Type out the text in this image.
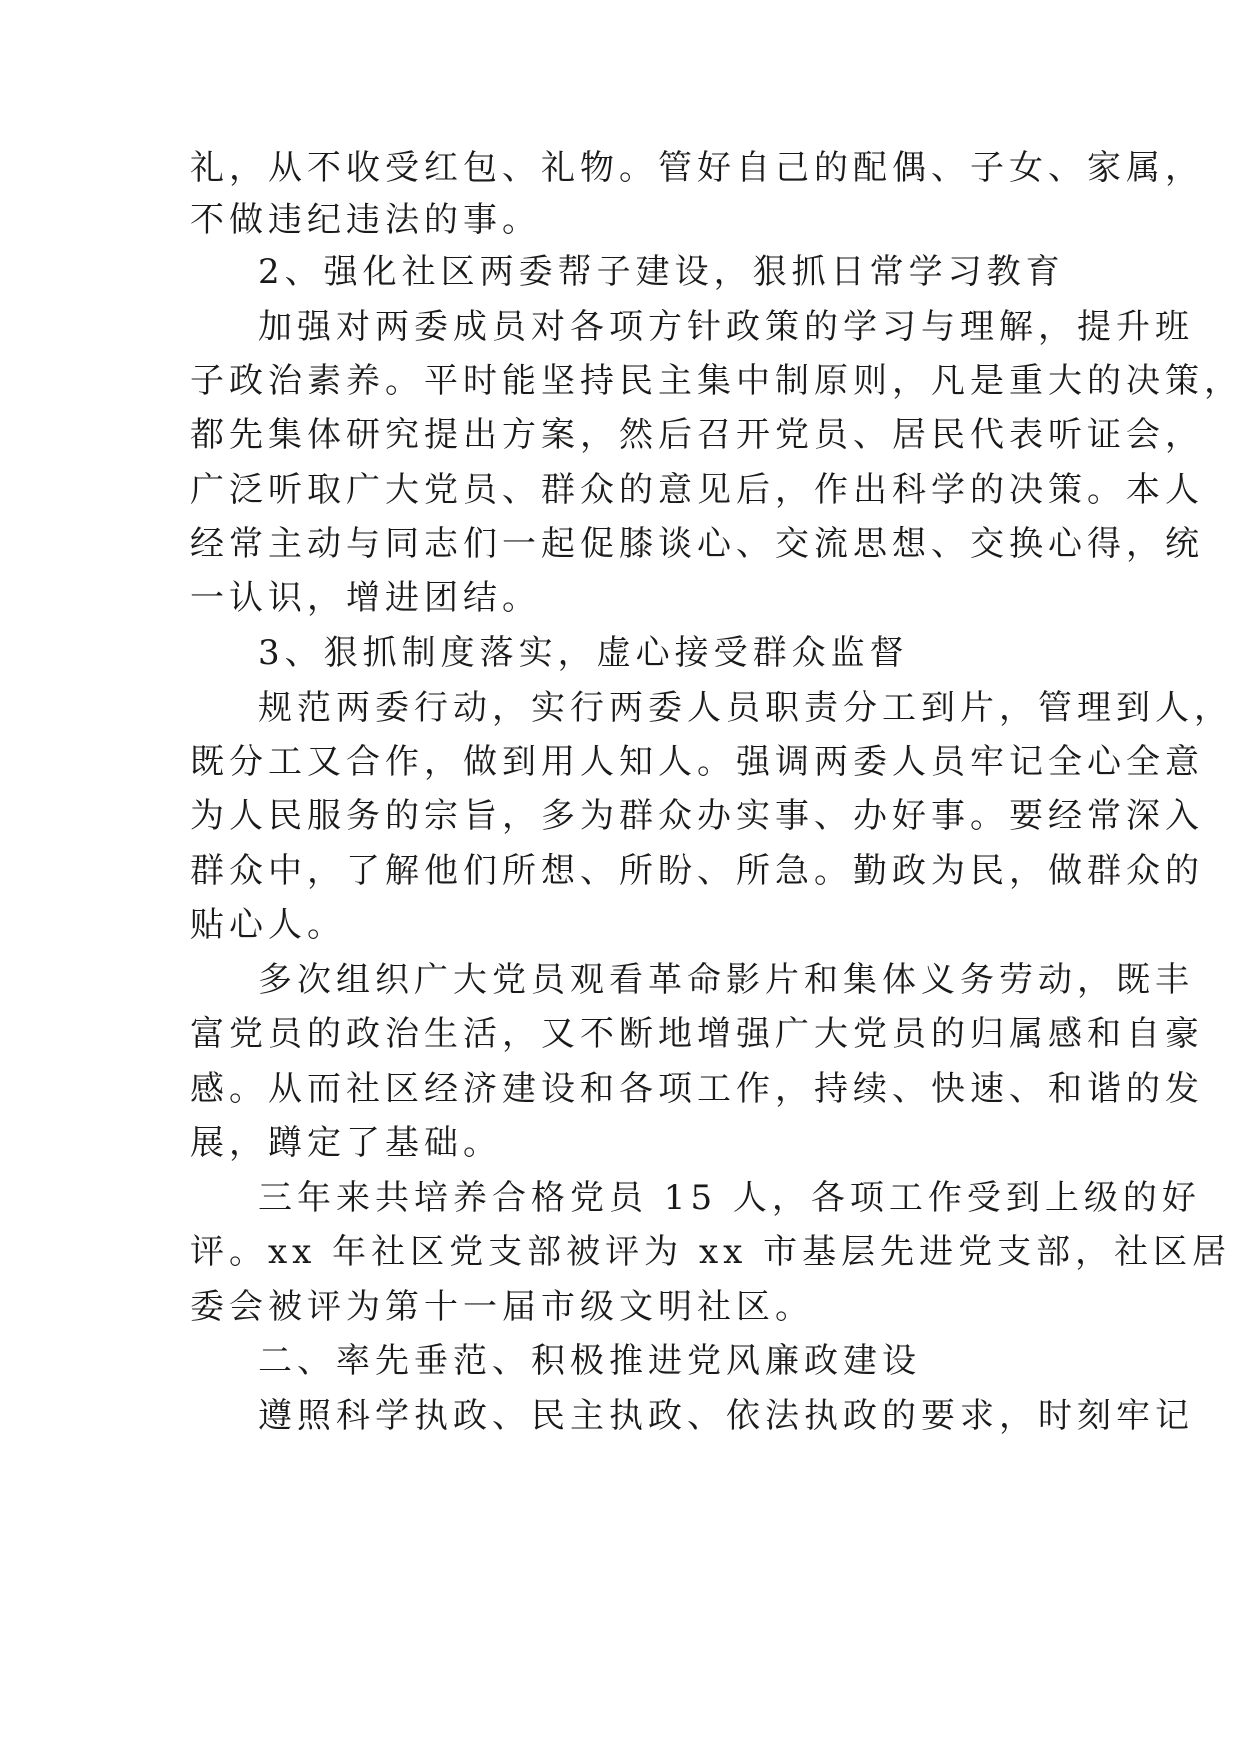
礼，从不收受红包、礼物。管好自己的配偶、子女、家属，
不做违纪违法的事。
2、强化社区两委帮子建设，狠抓日常学习教育
加强对两委成员对各项方针政策的学习与理解，提升班
子政治素养。平时能坚持民主集中制原则，凡是重大的决策，
都先集体研究提出方案，然后召开党员、居民代表听证会，
广泛听取广大党员、群众的意见后，作出科学的决策。本人
经常主动与同志们一起促膝谈心、交流思想、交换心得，统
一认识，增进团结。
3、狠抓制度落实，虚心接受群众监督
规范两委行动，实行两委人员职责分工到片，管理到人，
既分工又合作，做到用人知人。强调两委人员牢记全心全意
为人民服务的宗旨，多为群众办实事、办好事。要经常深入
群众中，了解他们所想、所盼、所急。勤政为民，做群众的
贴心人。
多次组织广大党员观看革命影片和集体义务劳动，既丰
富党员的政治生活，又不断地增强广大党员的归属感和自豪
感。从而社区经济建设和各项工作，持续、快速、和谐的发
展，蹲定了基础。
三年来共培养合格党员 15 人，各项工作受到上级的好
评。xx 年社区党支部被评为 xx 市基层先进党支部，社区居
委会被评为第十一届市级文明社区。
二、率先垂范、积极推进党风廉政建设
遵照科学执政、民主执政、依法执政的要求，时刻牢记
